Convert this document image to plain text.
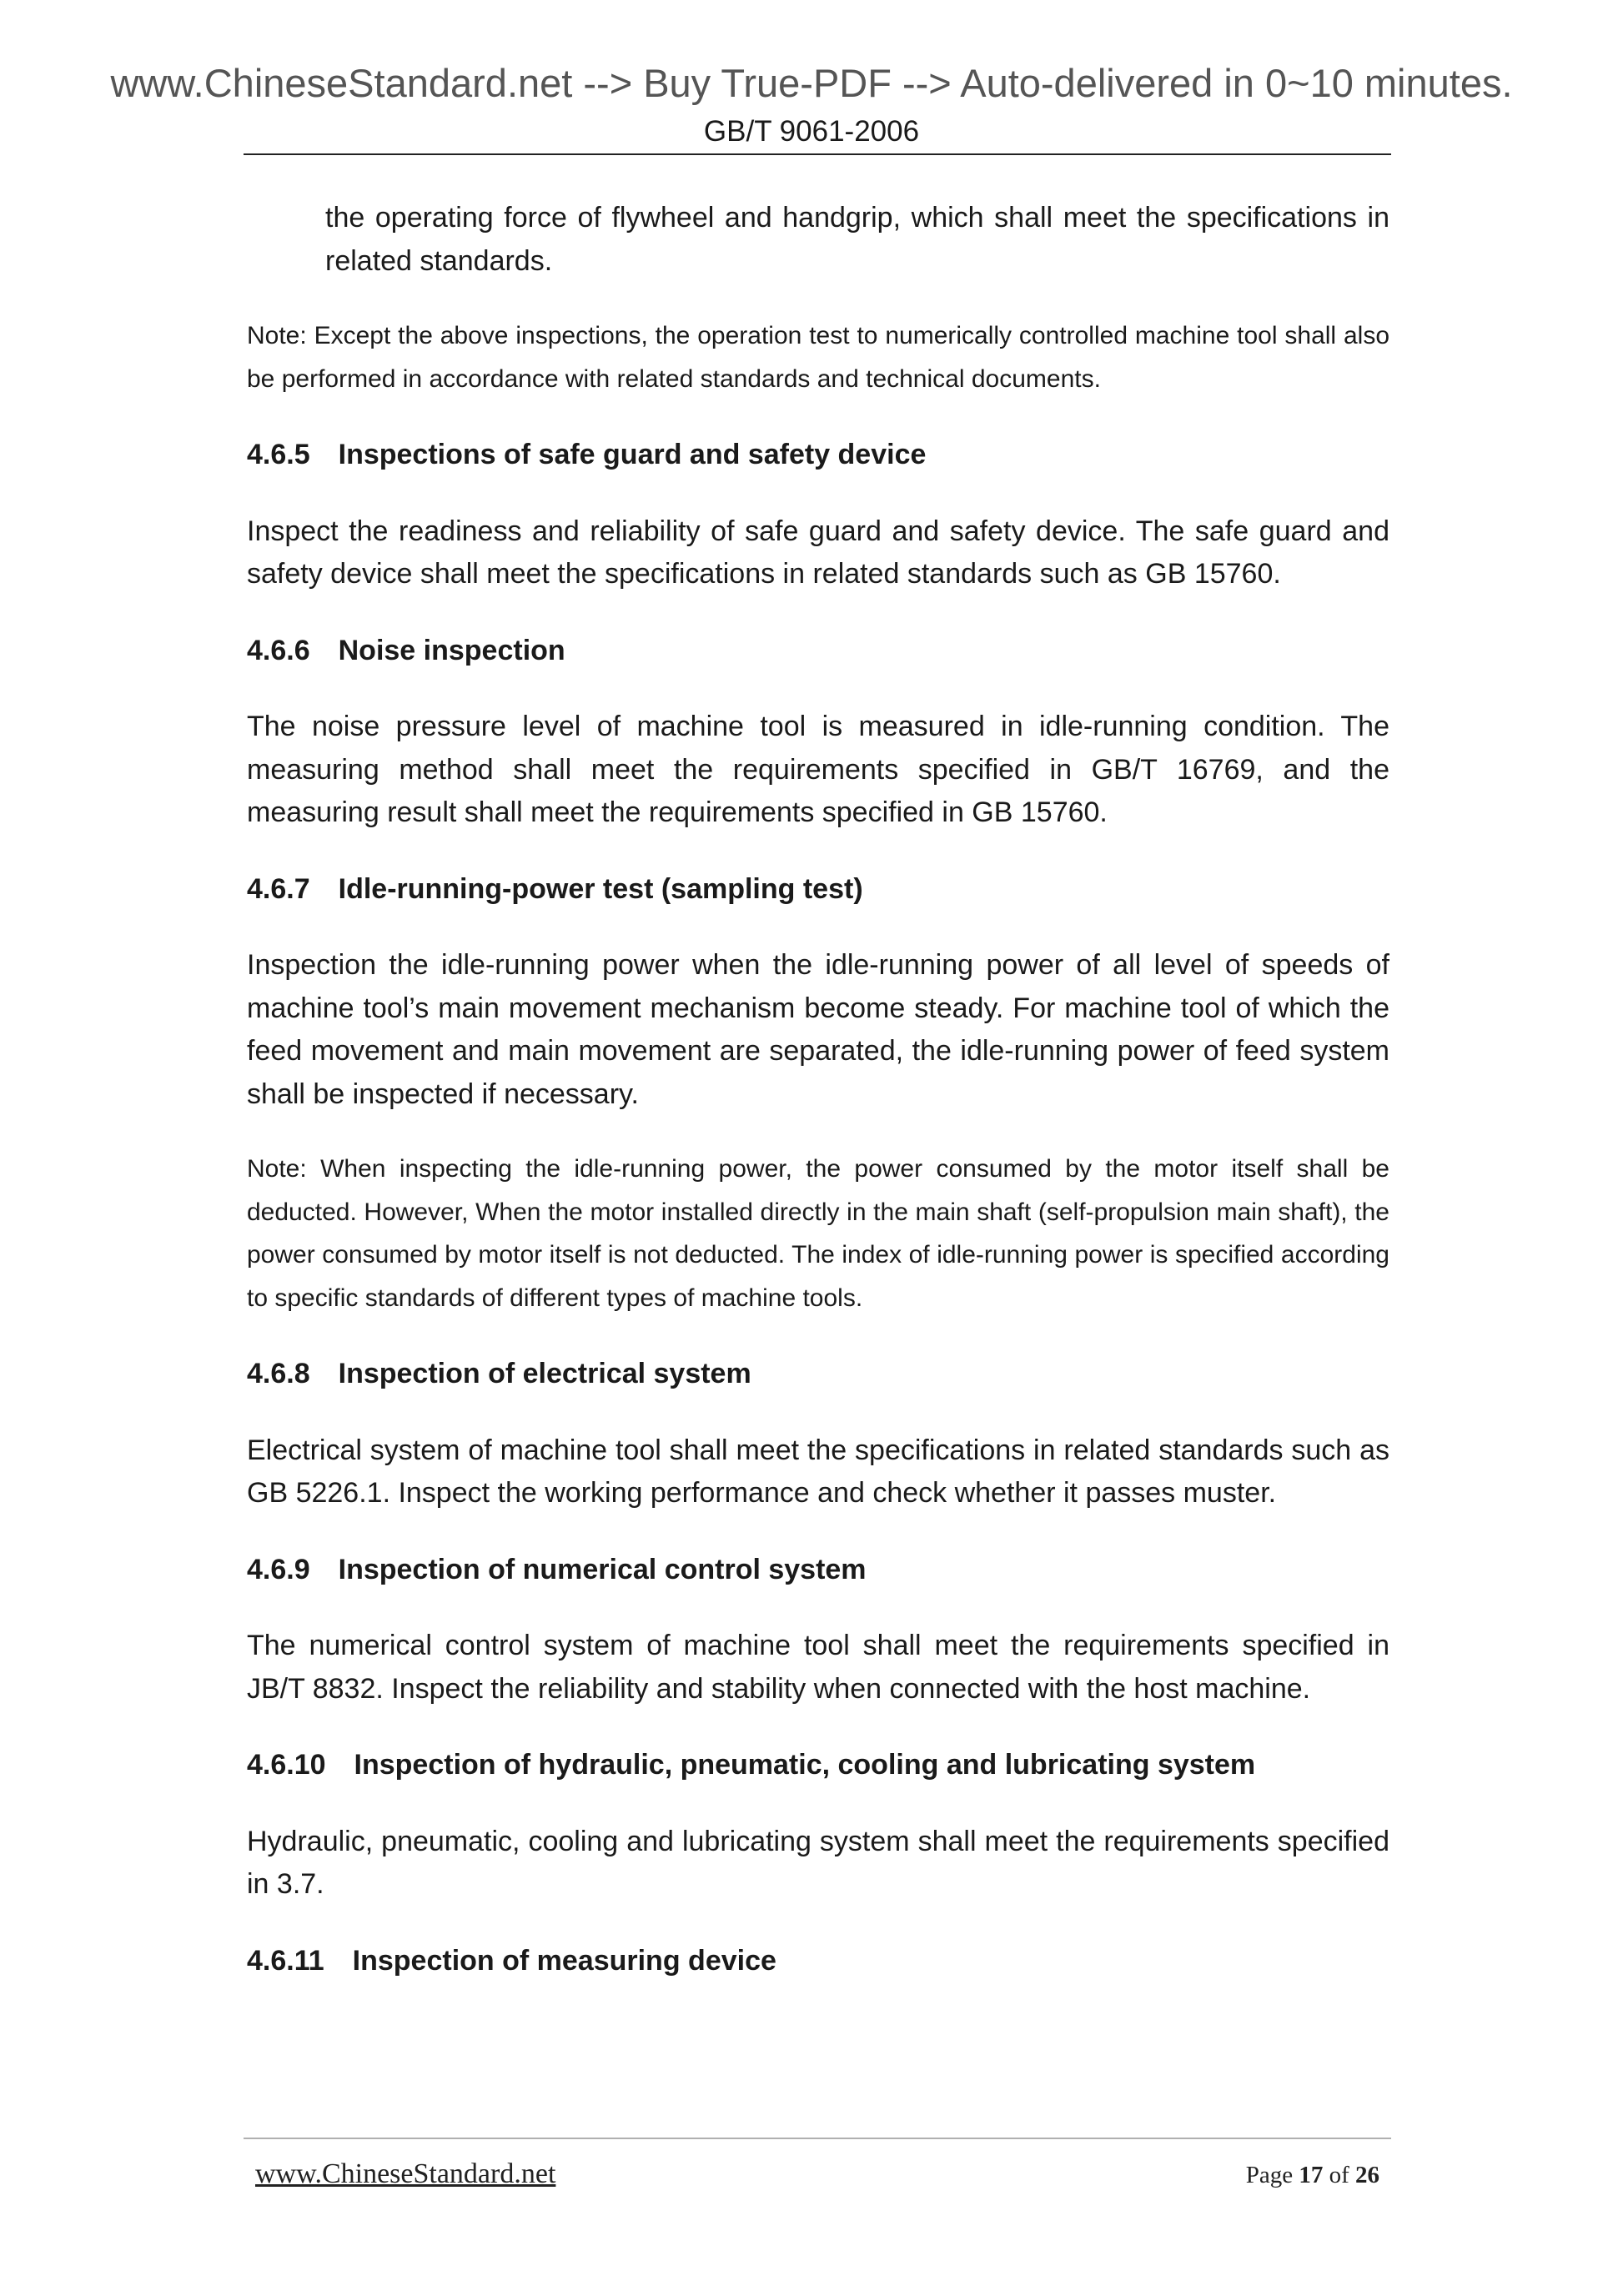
www.ChineseStandard.net --> Buy True-PDF --> Auto-delivered in 0~10 minutes.
GB/T 9061-2006

the operating force of flywheel and handgrip, which shall meet the specifications in related standards.

Note: Except the above inspections, the operation test to numerically controlled machine tool shall also be performed in accordance with related standards and technical documents.

4.6.5 Inspections of safe guard and safety device

Inspect the readiness and reliability of safe guard and safety device. The safe guard and safety device shall meet the specifications in related standards such as GB 15760.

4.6.6 Noise inspection

The noise pressure level of machine tool is measured in idle-running condition. The measuring method shall meet the requirements specified in GB/T 16769, and the measuring result shall meet the requirements specified in GB 15760.

4.6.7 Idle-running-power test (sampling test)

Inspection the idle-running power when the idle-running power of all level of speeds of machine tool’s main movement mechanism become steady. For machine tool of which the feed movement and main movement are separated, the idle-running power of feed system shall be inspected if necessary.

Note: When inspecting the idle-running power, the power consumed by the motor itself shall be deducted. However, When the motor installed directly in the main shaft (self-propulsion main shaft), the power consumed by motor itself is not deducted. The index of idle-running power is specified according to specific standards of different types of machine tools.

4.6.8 Inspection of electrical system

Electrical system of machine tool shall meet the specifications in related standards such as GB 5226.1. Inspect the working performance and check whether it passes muster.

4.6.9 Inspection of numerical control system

The numerical control system of machine tool shall meet the requirements specified in JB/T 8832. Inspect the reliability and stability when connected with the host machine.

4.6.10 Inspection of hydraulic, pneumatic, cooling and lubricating system

Hydraulic, pneumatic, cooling and lubricating system shall meet the requirements specified in 3.7.

4.6.11 Inspection of measuring device

www.ChineseStandard.net	Page 17 of 26
